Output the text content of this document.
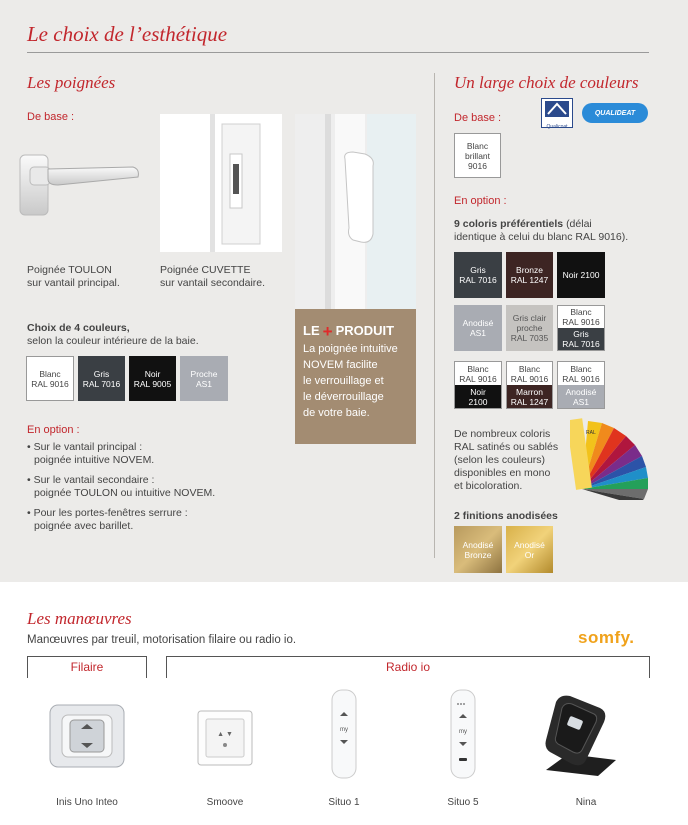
Le choix de l’esthétique
Les poignées
De base :
LE + PRODUIT
La poignée intuitive
NOVEM facilite
le verrouillage et
le déverrouillage
de votre baie.
Poignée TOULON
sur vantail principal.
Poignée CUVETTE
sur vantail secondaire.
Choix de 4 couleurs,
selon la couleur intérieure de la baie.
Blanc
RAL 9016
Gris
RAL 7016
Noir
RAL 9005
Proche
AS1
En option :
• Sur le vantail principal :
poignée intuitive NOVEM.
• Sur le vantail secondaire :
poignée TOULON ou intuitive NOVEM.
• Pour les portes-fenêtres serrure :
poignée avec barillet.
Un large choix de couleurs
De base :
Qualicoat
QUALIDEAT
Blanc
brillant
9016
En option :
9 coloris préférentiels (délai
identique à celui du blanc RAL 9016).
Gris
RAL 7016
Bronze
RAL 1247 Noir 2100
Anodisé
AS1
Gris clair
proche
RAL 7035
Blanc
RAL 9016
Gris
RAL 7016
Blanc
RAL 9016
Noir
2100
Blanc
RAL 9016
Marron
RAL 1247
Blanc
RAL 9016
Anodisé
AS1
De nombreux coloris
RAL satinés ou sablés
(selon les couleurs)
disponibles en mono
et bicoloration.
RAL
2 finitions anodisées
Anodisé
Bronze
Anodisé
Or
Les manœuvres
Manœuvres par treuil, motorisation filaire ou radio io.	somfy.
Filaire	Radio io
▲ ▼
my	my
Inis Uno Inteo	Smoove	Situo 1	Situo 5	Nina
